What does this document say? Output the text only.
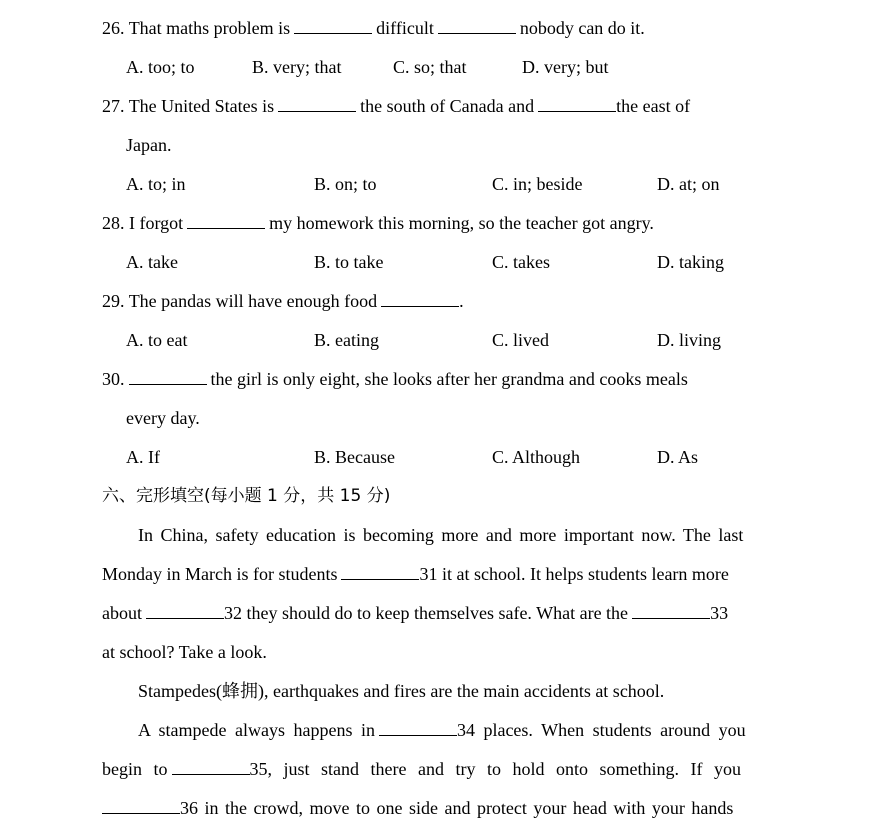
26. That maths problem is	difficult	nobody can do it.
A. too; to	B. very; that	C. so; that	D. very; but
27. The United States is	the south of Canada and	the east of
Japan.
A. to; in	B. on; to	C. in; beside	D. at; on
28. I forgot	my homework this morning, so the teacher got angry.
A. take	B. to take	C. takes	D. taking
29. The pandas will have enough food	.
A. to eat	B. eating	C. lived	D. living
30.	the girl is only eight, she looks after her grandma and cooks meals
every day.
A. If	B. Because	C. Although	D. As
六、完形填空(每小题 1 分，共 15 分)
In China, safety education is becoming more and more important now. The last
Monday in March is for students	31 it at school. It helps students learn more
about	32 they should do to keep themselves safe. What are the	33
at school? Take a look.
Stampedes(蜂拥), earthquakes and fires are the main accidents at school.
A stampede always happens in	34 places. When students around you
begin to	35, just stand there and try to hold onto something. If you
36 in the crowd, move to one side and protect your head with your hands
